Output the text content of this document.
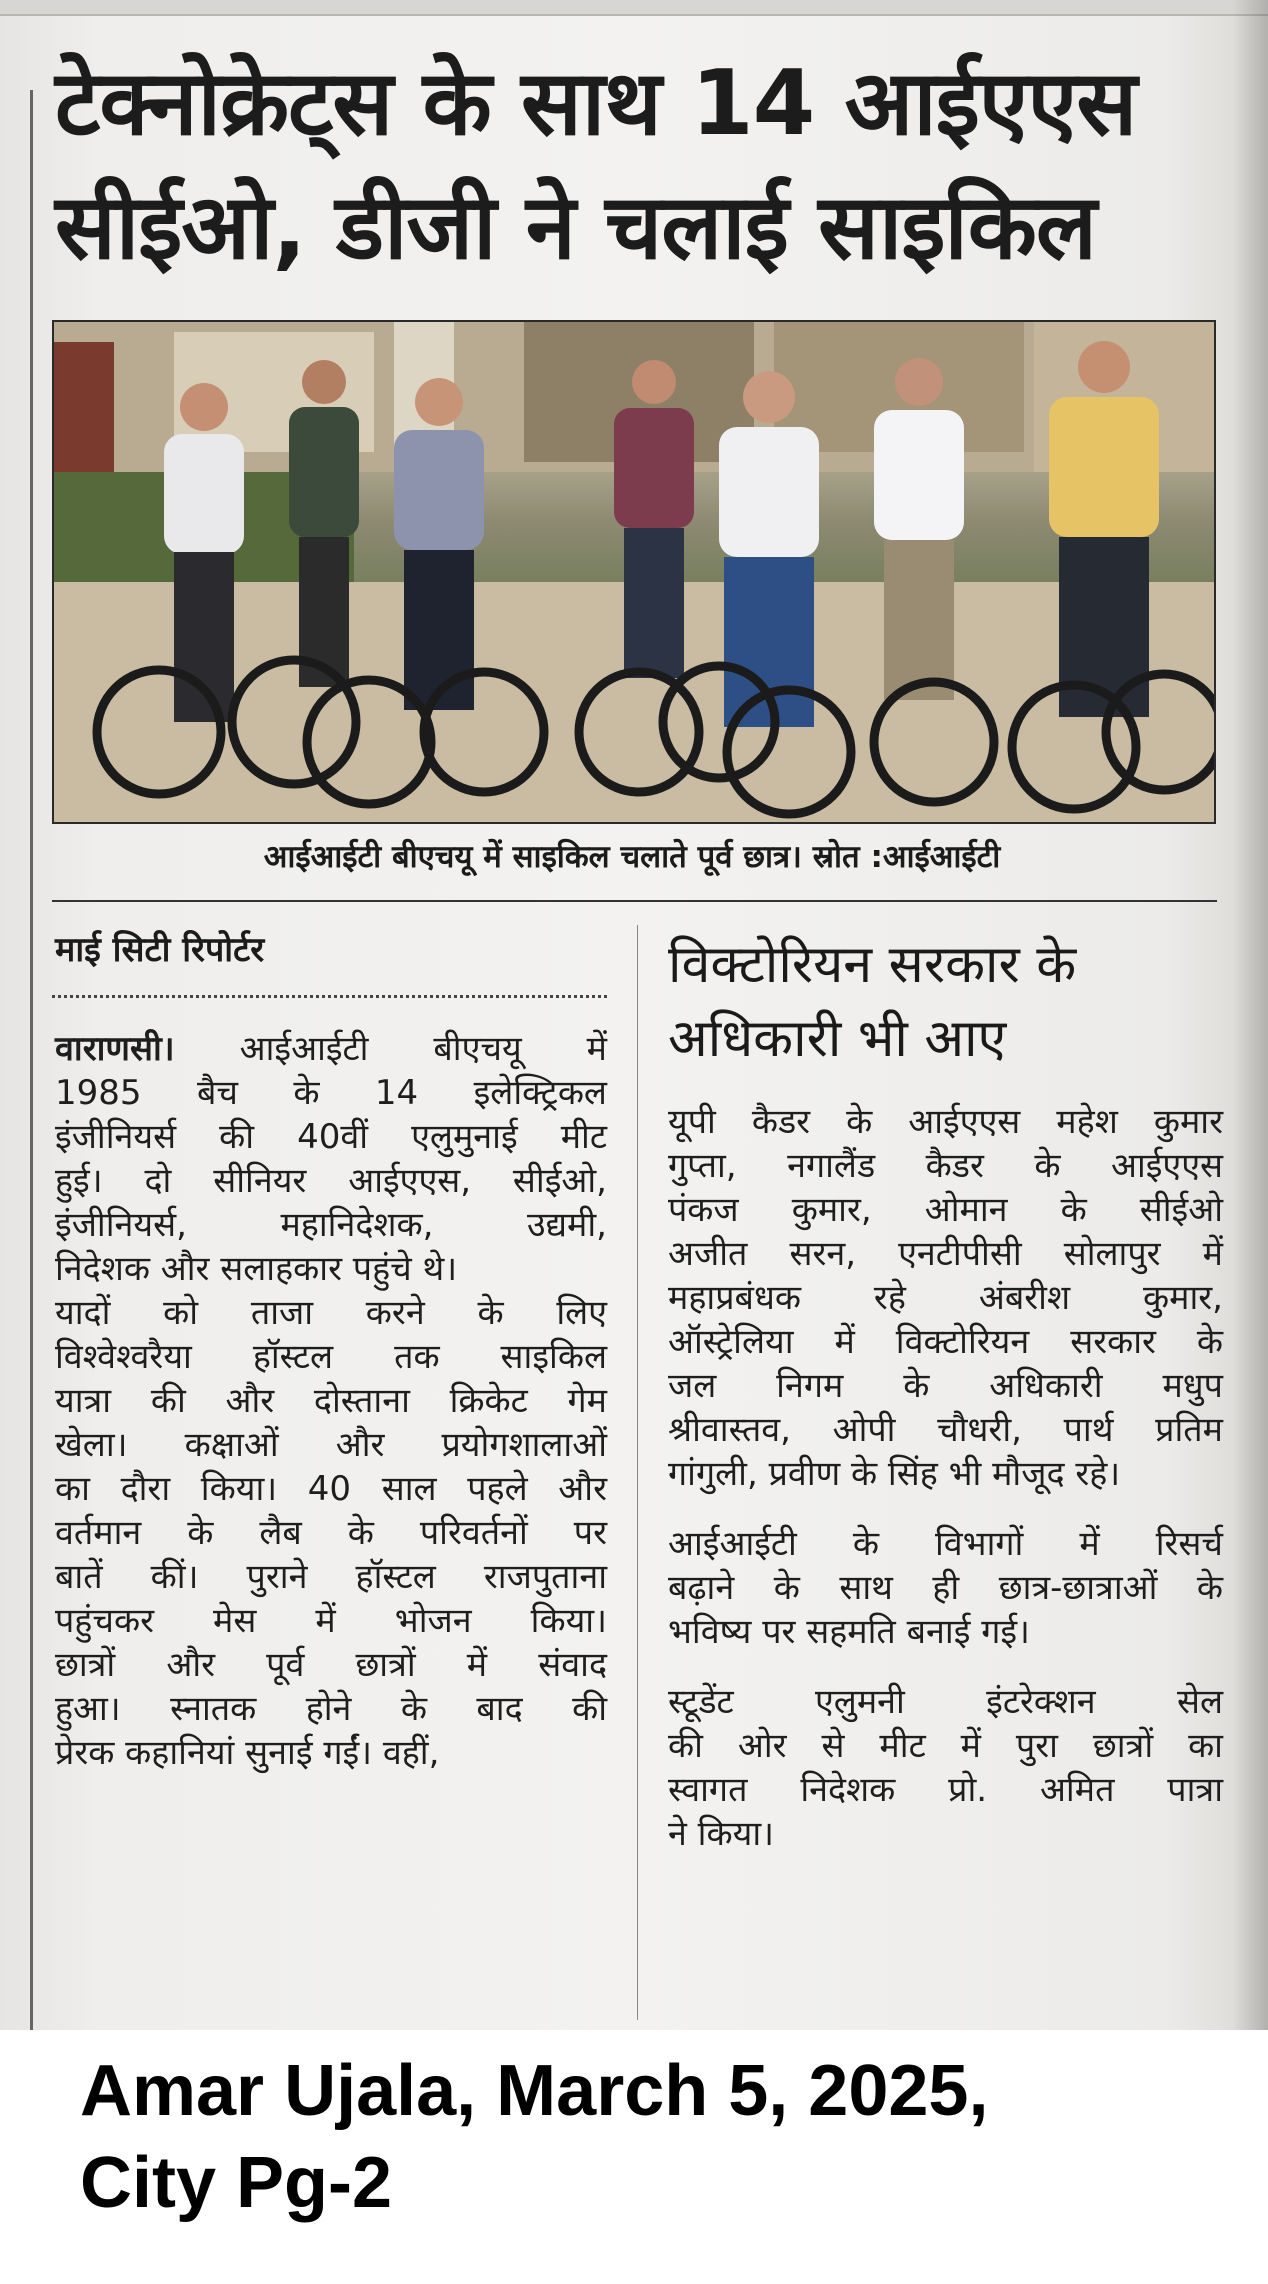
टेक्नोक्रेट्स के साथ 14 आईएएस
सीईओ, डीजी ने चलाई साइकिल
आईआईटी बीएचयू में साइकिल चलाते पूर्व छात्र। स्रोत :आईआईटी
माई सिटी रिपोर्टर
वाराणसी। आईआईटी बीएचयू में
1985 बैच के 14 इलेक्ट्रिकल
इंजीनियर्स की 40वीं एलुमुनाई मीट
हुई। दो सीनियर आईएएस, सीईओ,
इंजीनियर्स, महानिदेशक, उद्यमी,
निदेशक और सलाहकार पहुंचे थे।
यादों को ताजा करने के लिए
विश्वेश्वरैया हॉस्टल तक साइकिल
यात्रा की और दोस्ताना क्रिकेट गेम
खेला। कक्षाओं और प्रयोगशालाओं
का दौरा किया। 40 साल पहले और
वर्तमान के लैब के परिवर्तनों पर
बातें कीं। पुराने हॉस्टल राजपुताना
पहुंचकर मेस में भोजन किया।
छात्रों और पूर्व छात्रों में संवाद
हुआ। स्नातक होने के बाद की
प्रेरक कहानियां सुनाई गईं। वहीं,
विक्टोरियन सरकार के
अधिकारी भी आए

यूपी कैडर के आईएएस महेश कुमार
गुप्ता, नगालैंड कैडर के आईएएस
पंकज कुमार, ओमान के सीईओ
अजीत सरन, एनटीपीसी सोलापुर में
महाप्रबंधक रहे अंबरीश कुमार,
ऑस्ट्रेलिया में विक्टोरियन सरकार के
जल निगम के अधिकारी मधुप
श्रीवास्तव, ओपी चौधरी, पार्थ प्रतिम
गांगुली, प्रवीण के सिंह भी मौजूद रहे।

आईआईटी के विभागों में रिसर्च
बढ़ाने के साथ ही छात्र-छात्राओं के
भविष्य पर सहमति बनाई गई।

स्टूडेंट एलुमनी इंटरेक्शन सेल
की ओर से मीट में पुरा छात्रों का
स्वागत निदेशक प्रो. अमित पात्रा
ने किया।

Amar Ujala, March 5, 2025,
City Pg-2
